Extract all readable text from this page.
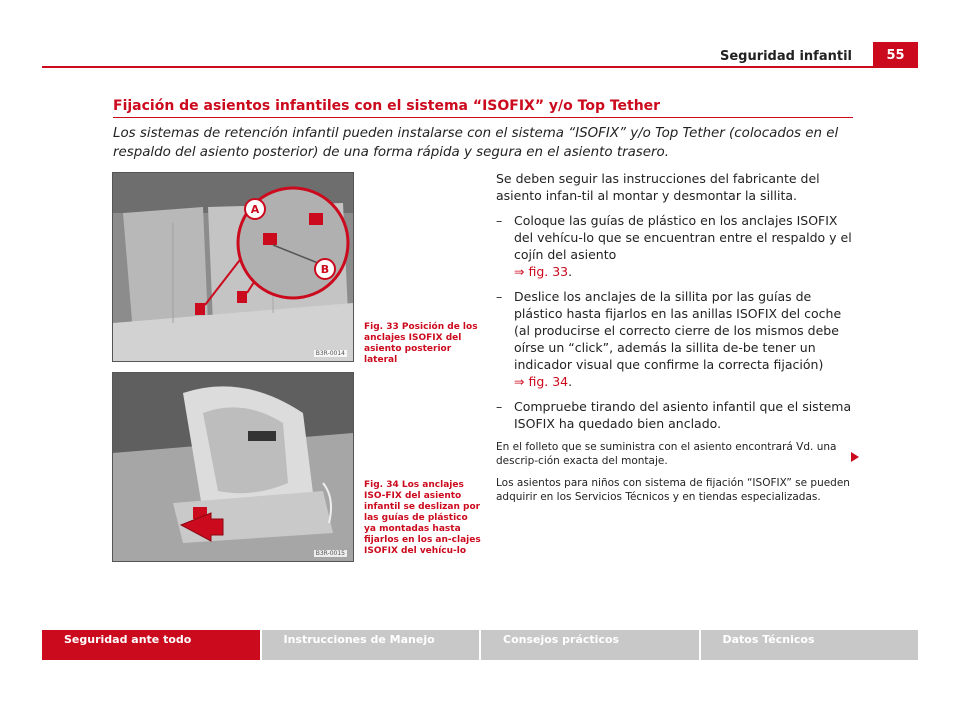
Seguridad infantil	55
Fijación de asientos infantiles con el sistema “ISOFIX” y/o Top Tether
Los sistemas de retención infantil pueden instalarse con el sistema “ISOFIX” y/o Top Tether (colocados en el respaldo del asiento posterior) de una forma rápida y segura en el asiento trasero.
A
B
B3R-0014
Fig. 33 Posición de los anclajes ISOFIX del asiento posterior lateral
B3R-0015
Fig. 34 Los anclajes ISO-FIX del asiento infantil se deslizan por las guías de plástico ya montadas hasta fijarlos en los an-clajes ISOFIX del vehícu-lo

Se deben seguir las instrucciones del fabricante del asiento infan-til al montar y desmontar la sillita.

– Coloque las guías de plástico en los anclajes ISOFIX del vehícu-lo que se encuentran entre el respaldo y el cojín del asiento
⇒ fig. 33.
– Deslice los anclajes de la sillita por las guías de plástico hasta fijarlos en las anillas ISOFIX del coche (al producirse el correcto cierre de los mismos debe oírse un “click”, además la sillita de-be tener un indicador visual que confirme la correcta fijación)
⇒ fig. 34.
– Compruebe tirando del asiento infantil que el sistema ISOFIX ha quedado bien anclado.

En el folleto que se suministra con el asiento encontrará Vd. una descrip-ción exacta del montaje.

Los asientos para niños con sistema de fijación “ISOFIX” se pueden adquirir en los Servicios Técnicos y en tiendas especializadas.

Seguridad ante todo	Instrucciones de Manejo	Consejos prácticos	Datos Técnicos
